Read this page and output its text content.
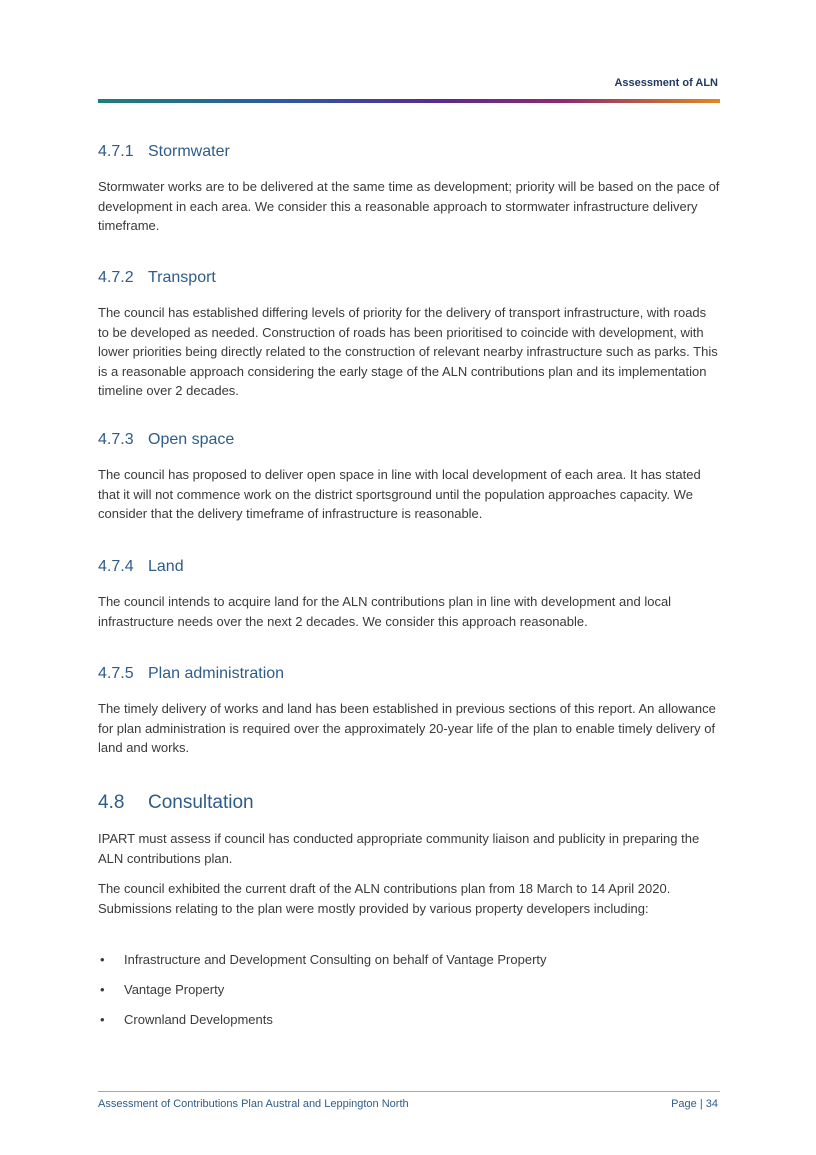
Assessment of ALN
4.7.1 Stormwater

Stormwater works are to be delivered at the same time as development; priority will be based on the pace of development in each area. We consider this a reasonable approach to stormwater infrastructure delivery timeframe.

4.7.2 Transport

The council has established differing levels of priority for the delivery of transport infrastructure, with roads to be developed as needed. Construction of roads has been prioritised to coincide with development, with lower priorities being directly related to the construction of relevant nearby infrastructure such as parks. This is a reasonable approach considering the early stage of the ALN contributions plan and its implementation timeline over 2 decades.

4.7.3 Open space

The council has proposed to deliver open space in line with local development of each area. It has stated that it will not commence work on the district sportsground until the population approaches capacity. We consider that the delivery timeframe of infrastructure is reasonable.

4.7.4 Land

The council intends to acquire land for the ALN contributions plan in line with development and local infrastructure needs over the next 2 decades. We consider this approach reasonable.

4.7.5 Plan administration

The timely delivery of works and land has been established in previous sections of this report. An allowance for plan administration is required over the approximately 20-year life of the plan to enable timely delivery of land and works.

4.8 Consultation

IPART must assess if council has conducted appropriate community liaison and publicity in preparing the ALN contributions plan.

The council exhibited the current draft of the ALN contributions plan from 18 March to 14 April 2020. Submissions relating to the plan were mostly provided by various property developers including:

• Infrastructure and Development Consulting on behalf of Vantage Property
• Vantage Property
• Crownland Developments
Assessment of Contributions Plan Austral and Leppington North	Page | 34
